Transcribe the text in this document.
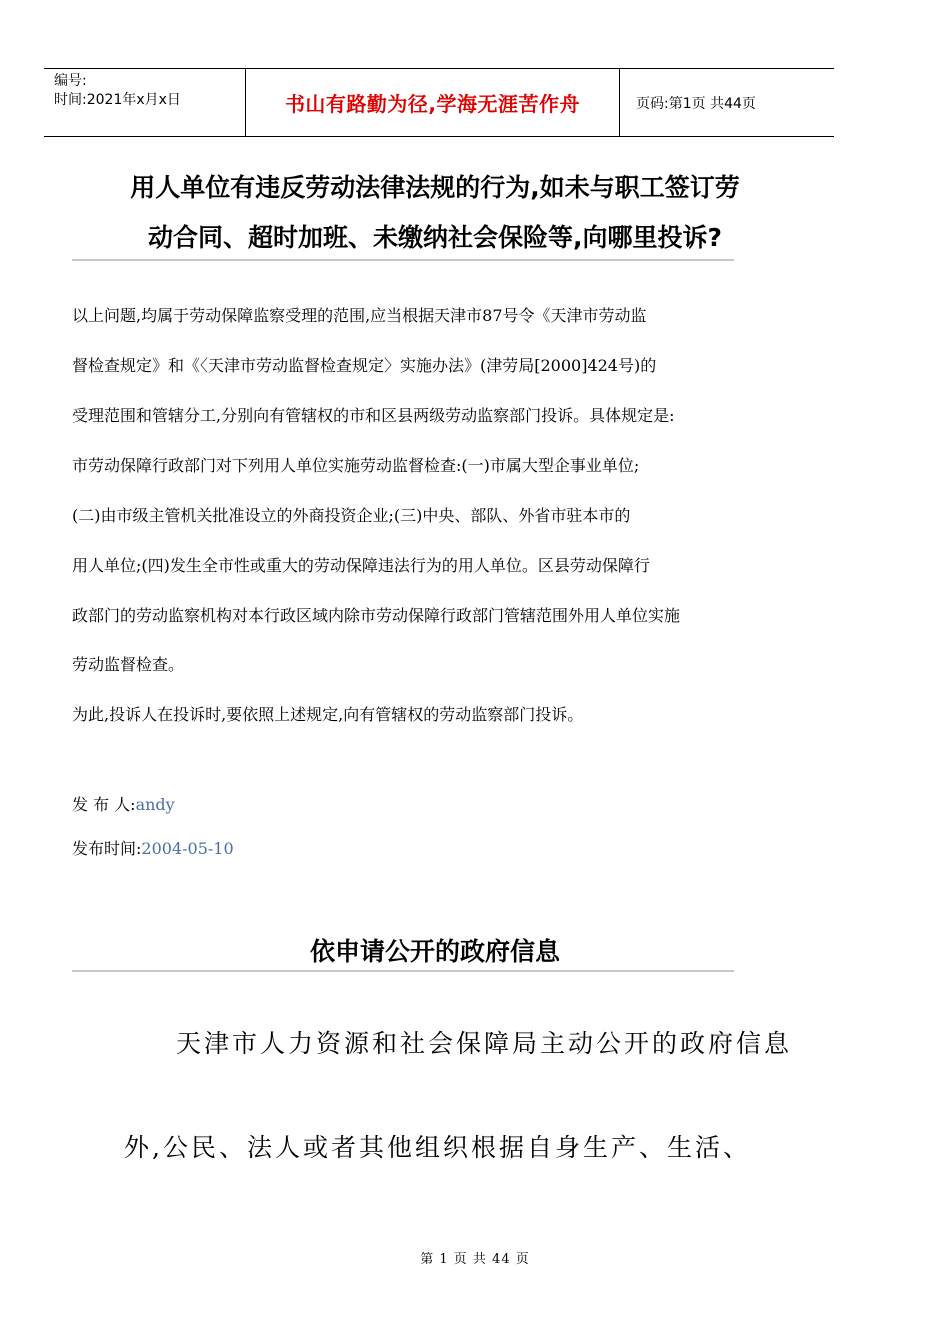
编号:
时间:2021年x月x日	书山有路勤为径,学海无涯苦作舟	页码:第1页 共44页
用人单位有违反劳动法律法规的行为,如未与职工签订劳
动合同、超时加班、未缴纳社会保险等,向哪里投诉?
以上问题,均属于劳动保障监察受理的范围,应当根据天津市87号令《天津市劳动监
督检查规定》和《〈天津市劳动监督检查规定〉实施办法》(津劳局[2000]424号)的
受理范围和管辖分工,分别向有管辖权的市和区县两级劳动监察部门投诉。具体规定是:
市劳动保障行政部门对下列用人单位实施劳动监督检查:(一)市属大型企事业单位;
(二)由市级主管机关批准设立的外商投资企业;(三)中央、部队、外省市驻本市的
用人单位;(四)发生全市性或重大的劳动保障违法行为的用人单位。区县劳动保障行
政部门的劳动监察机构对本行政区域内除市劳动保障行政部门管辖范围外用人单位实施
劳动监督检查。
为此,投诉人在投诉时,要依照上述规定,向有管辖权的劳动监察部门投诉。
发 布 人:andy
发布时间:2004-05-10
依申请公开的政府信息
天津市人力资源和社会保障局主动公开的政府信息
外,公民、法人或者其他组织根据自身生产、生活、
第 1 页 共 44 页
